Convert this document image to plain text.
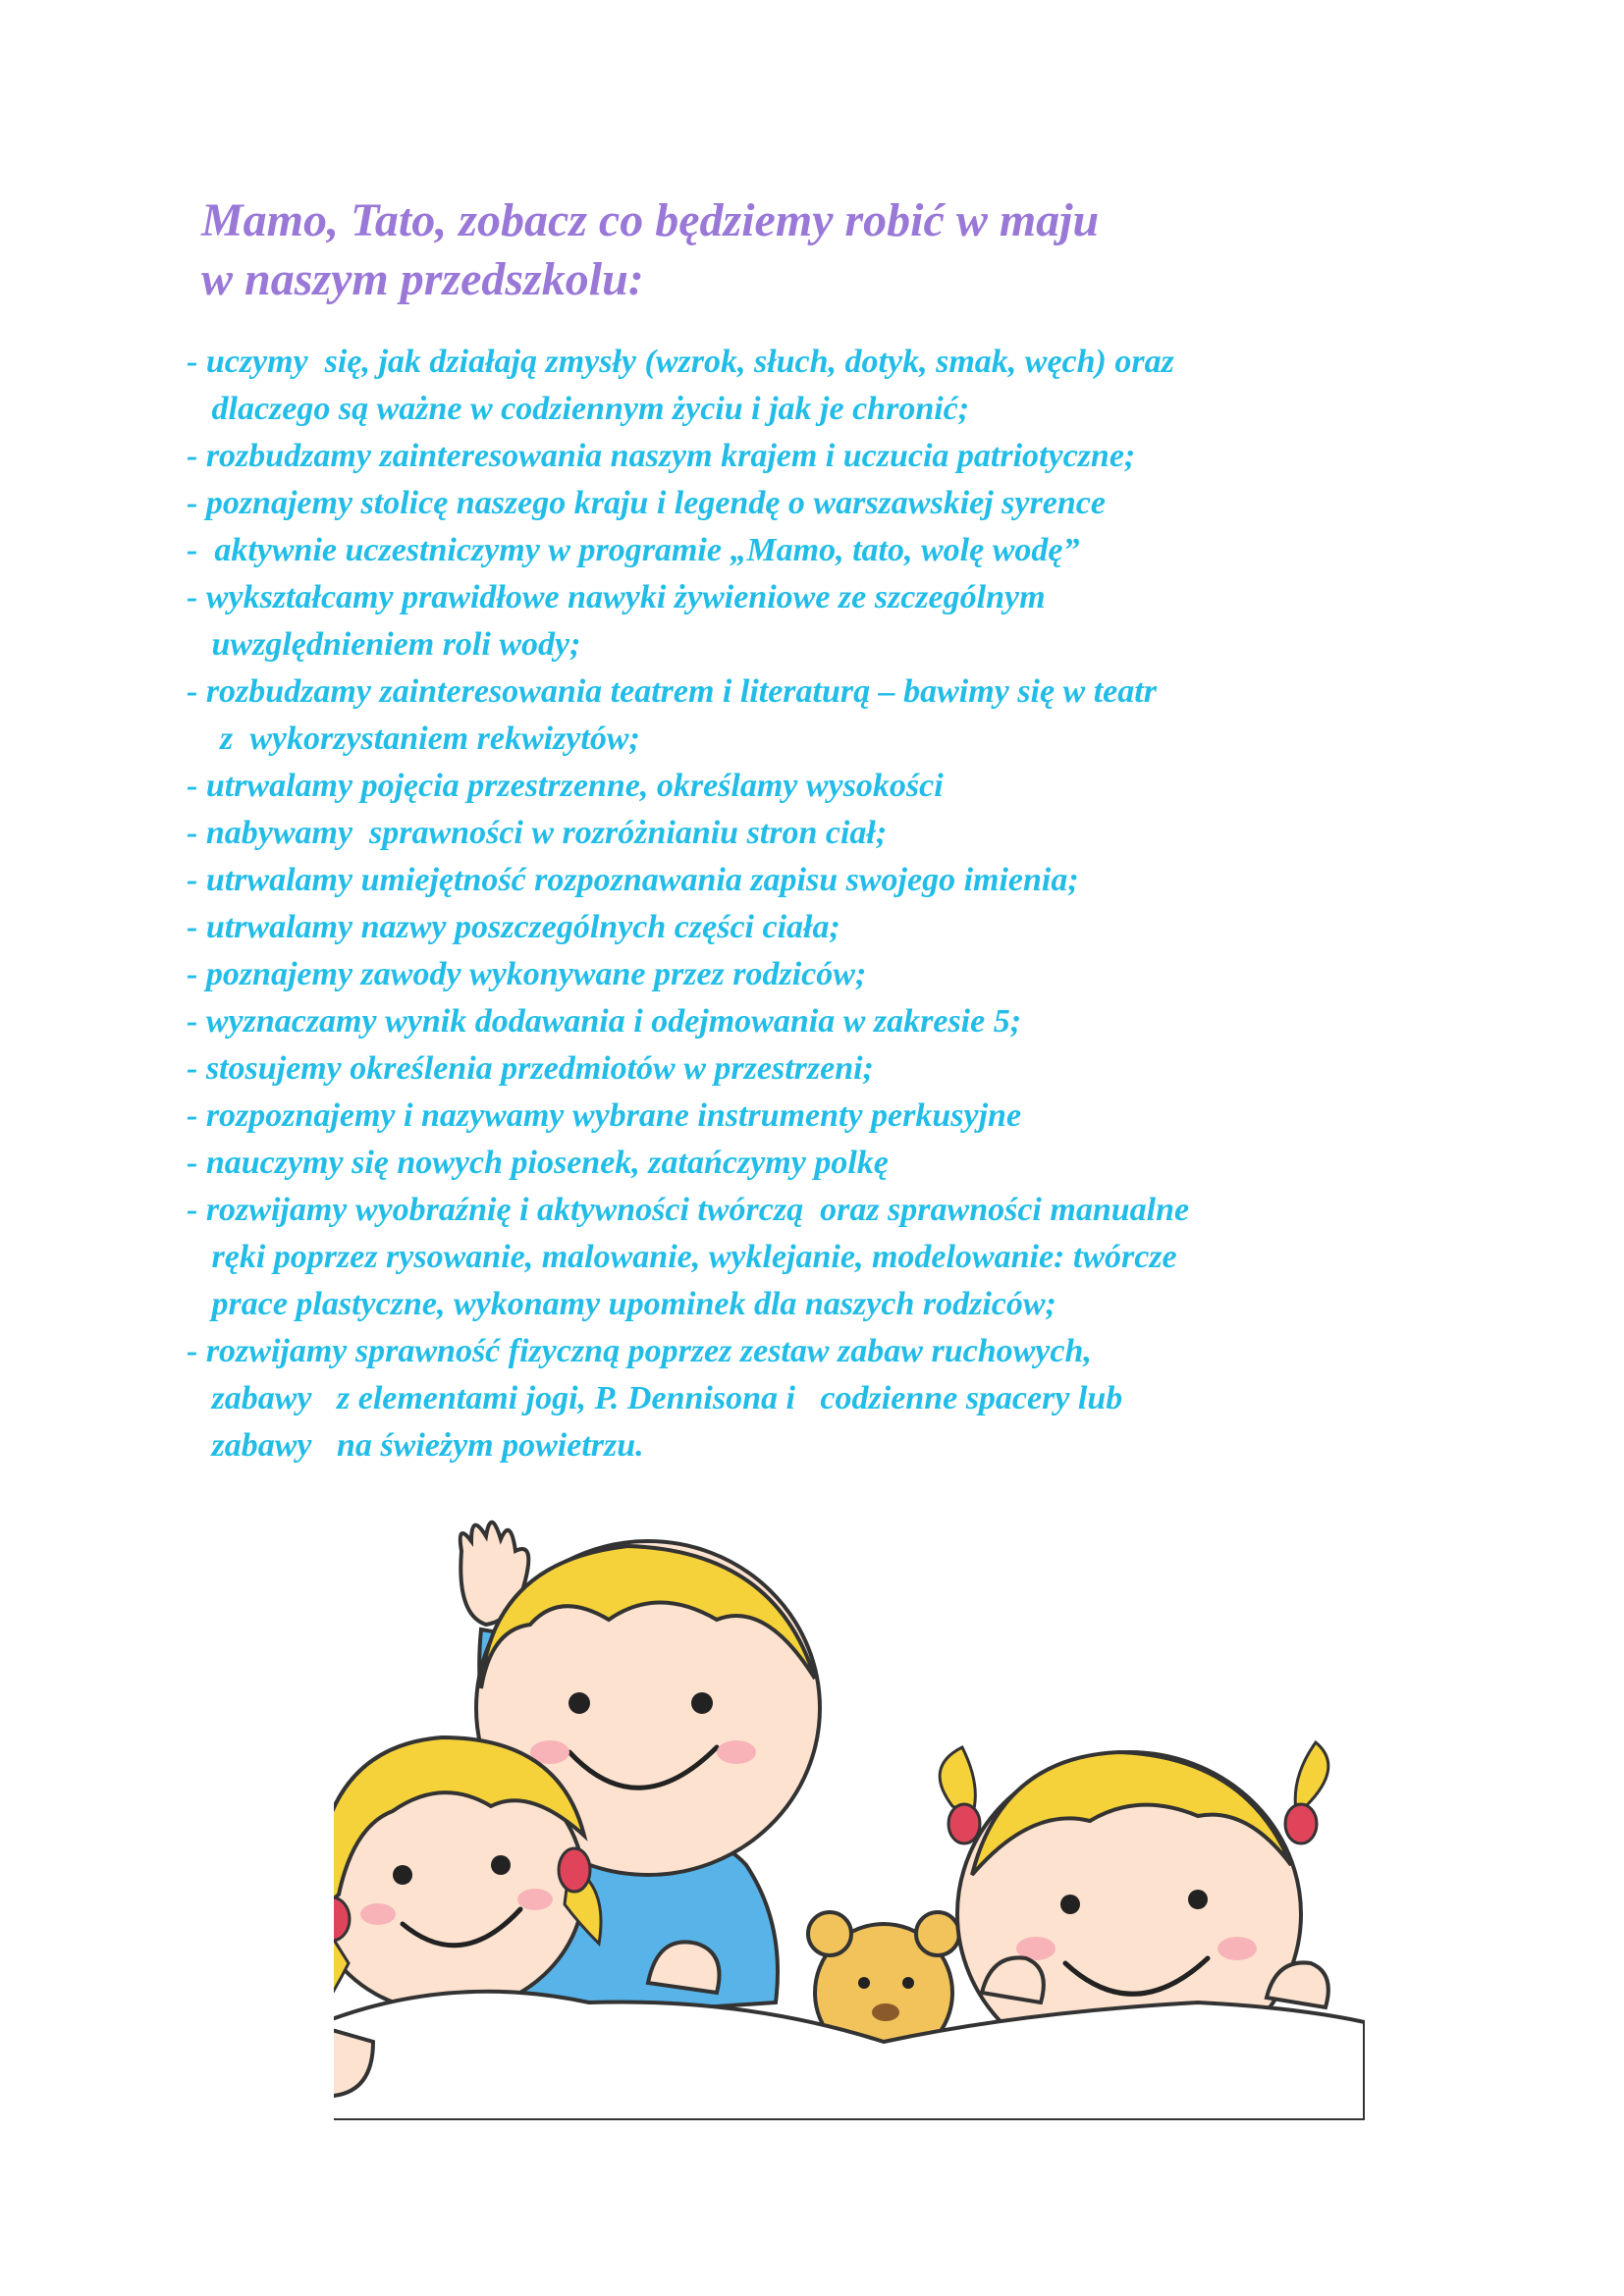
Mamo, Tato, zobacz co będziemy robić w maju
w naszym przedszkolu:
- uczymy  się, jak działają zmysły (wzrok, słuch, dotyk, smak, węch) oraz
dlaczego są ważne w codziennym życiu i jak je chronić;
- rozbudzamy zainteresowania naszym krajem i uczucia patriotyczne;
- poznajemy stolicę naszego kraju i legendę o warszawskiej syrence
-  aktywnie uczestniczymy w programie „Mamo, tato, wolę wodę”
- wykształcamy prawidłowe nawyki żywieniowe ze szczególnym
uwzględnieniem roli wody;
- rozbudzamy zainteresowania teatrem i literaturą – bawimy się w teatr
z  wykorzystaniem rekwizytów;
- utrwalamy pojęcia przestrzenne, określamy wysokości
- nabywamy  sprawności w rozróżnianiu stron ciał;
- utrwalamy umiejętność rozpoznawania zapisu swojego imienia;
- utrwalamy nazwy poszczególnych części ciała;
- poznajemy zawody wykonywane przez rodziców;
- wyznaczamy wynik dodawania i odejmowania w zakresie 5;
- stosujemy określenia przedmiotów w przestrzeni;
- rozpoznajemy i nazywamy wybrane instrumenty perkusyjne
- nauczymy się nowych piosenek, zatańczymy polkę
- rozwijamy wyobraźnię i aktywności twórczą  oraz sprawności manualne
ręki poprzez rysowanie, malowanie, wyklejanie, modelowanie: twórcze
prace plastyczne, wykonamy upominek dla naszych rodziców;
- rozwijamy sprawność fizyczną poprzez zestaw zabaw ruchowych,
zabawy   z elementami jogi, P. Dennisona i   codzienne spacery lub
zabawy   na świeżym powietrzu.
